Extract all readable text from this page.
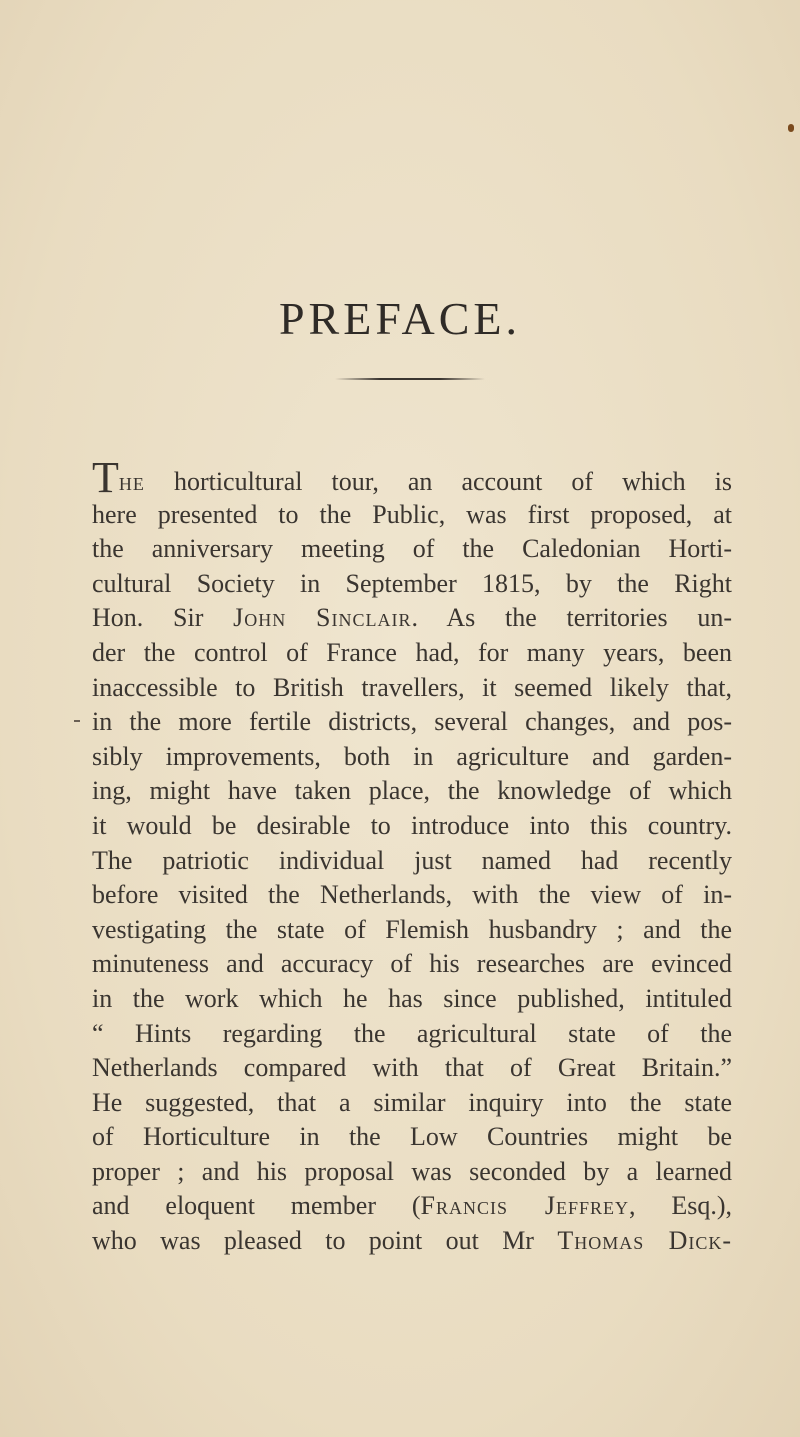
PREFACE.
The horticultural tour, an account of which is
here presented to the Public, was first proposed, at
the anniversary meeting of the Caledonian Horti-
cultural Society in September 1815, by the Right
Hon. Sir John Sinclair. As the territories un-
der the control of France had, for many years, been
inaccessible to British travellers, it seemed likely that,
in the more fertile districts, several changes, and pos-
sibly improvements, both in agriculture and garden-
ing, might have taken place, the knowledge of which
it would be desirable to introduce into this country.
The patriotic individual just named had recently
before visited the Netherlands, with the view of in-
vestigating the state of Flemish husbandry ; and the
minuteness and accuracy of his researches are evinced
in the work which he has since published, intituled
“ Hints regarding the agricultural state of the
Netherlands compared with that of Great Britain.”
He suggested, that a similar inquiry into the state
of Horticulture in the Low Countries might be
proper ; and his proposal was seconded by a learned
and eloquent member (Francis Jeffrey, Esq.),
who was pleased to point out Mr Thomas Dick-
